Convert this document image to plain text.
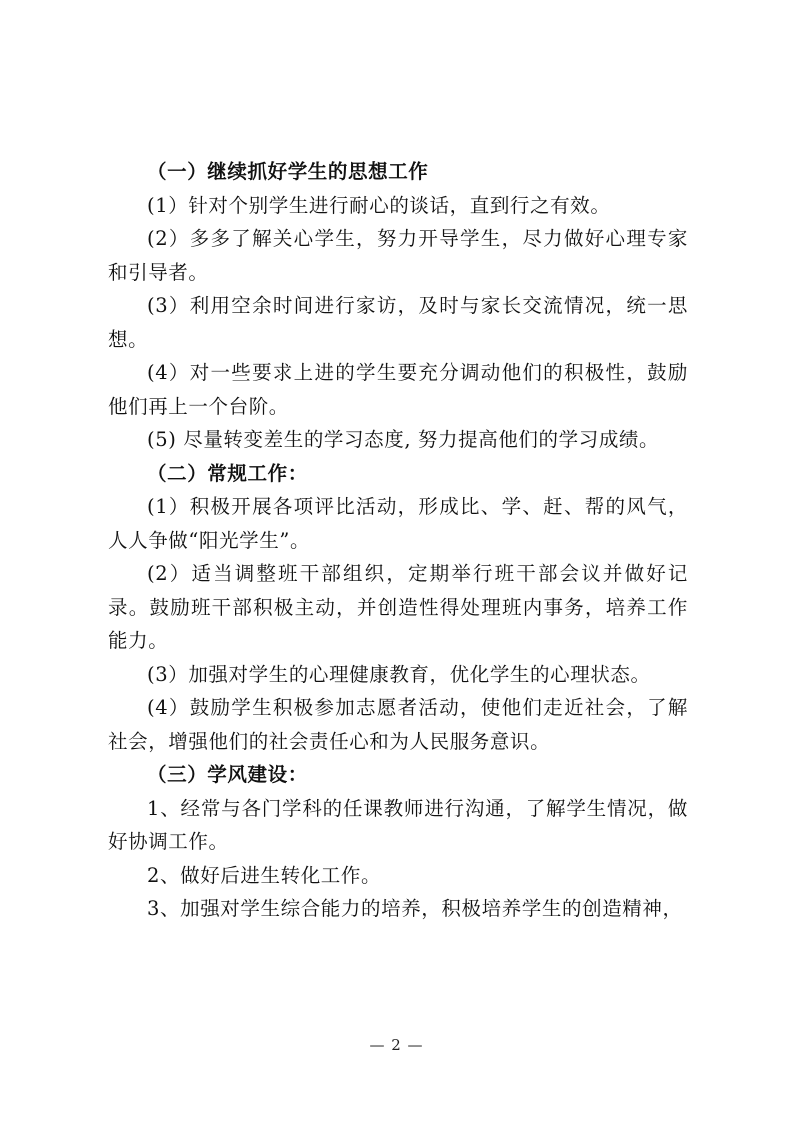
（一）继续抓好学生的思想工作

(1）针对个别学生进行耐心的谈话，直到行之有效。

(2）多多了解关心学生，努力开导学生，尽力做好心理专家和引导者。

(3）利用空余时间进行家访，及时与家长交流情况，统一思想。

(4）对一些要求上进的学生要充分调动他们的积极性，鼓励他们再上一个台阶。

(5) 尽量转变差生的学习态度, 努力提高他们的学习成绩。

（二）常规工作：

(1）积极开展各项评比活动，形成比、学、赶、帮的风气，人人争做“阳光学生”。

(2）适当调整班干部组织，定期举行班干部会议并做好记录。鼓励班干部积极主动，并创造性得处理班内事务，培养工作能力。

(3）加强对学生的心理健康教育，优化学生的心理状态。

(4）鼓励学生积极参加志愿者活动，使他们走近社会，了解社会，增强他们的社会责任心和为人民服务意识。

（三）学风建设：

1、经常与各门学科的任课教师进行沟通，了解学生情况，做好协调工作。

2、做好后进生转化工作。

3、加强对学生综合能力的培养，积极培养学生的创造精神，

— 2 —
